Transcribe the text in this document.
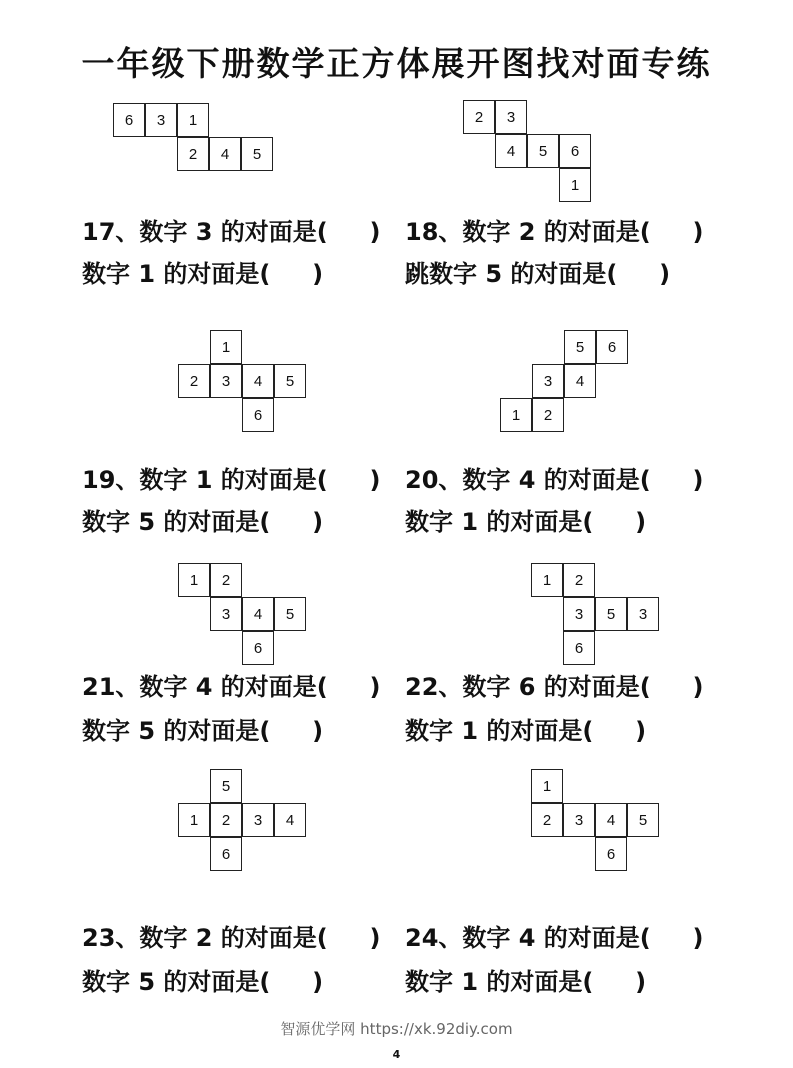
一年级下册数学正方体展开图找对面专练
6	3	1
2	4	5
2	3
4	5	6
1
1
2	3	4	5
6
5	6
3	4
1	2
1	2
3	4	5
6
1	2
3	5	3
6
5
1	2	3	4
6
1
2	3	4	5
6
17、数字 3 的对面是(     )
数字 1 的对面是(     )
18、数字 2 的对面是(     )
跳数字 5 的对面是(     )
19、数字 1 的对面是(     )
数字 5 的对面是(     )
20、数字 4 的对面是(     )
数字 1 的对面是(     )
21、数字 4 的对面是(     )
数字 5 的对面是(     )
22、数字 6 的对面是(     )
数字 1 的对面是(     )
23、数字 2 的对面是(     )
数字 5 的对面是(     )
24、数字 4 的对面是(     )
数字 1 的对面是(     )
智源优学网 https://xk.92diy.com
4
